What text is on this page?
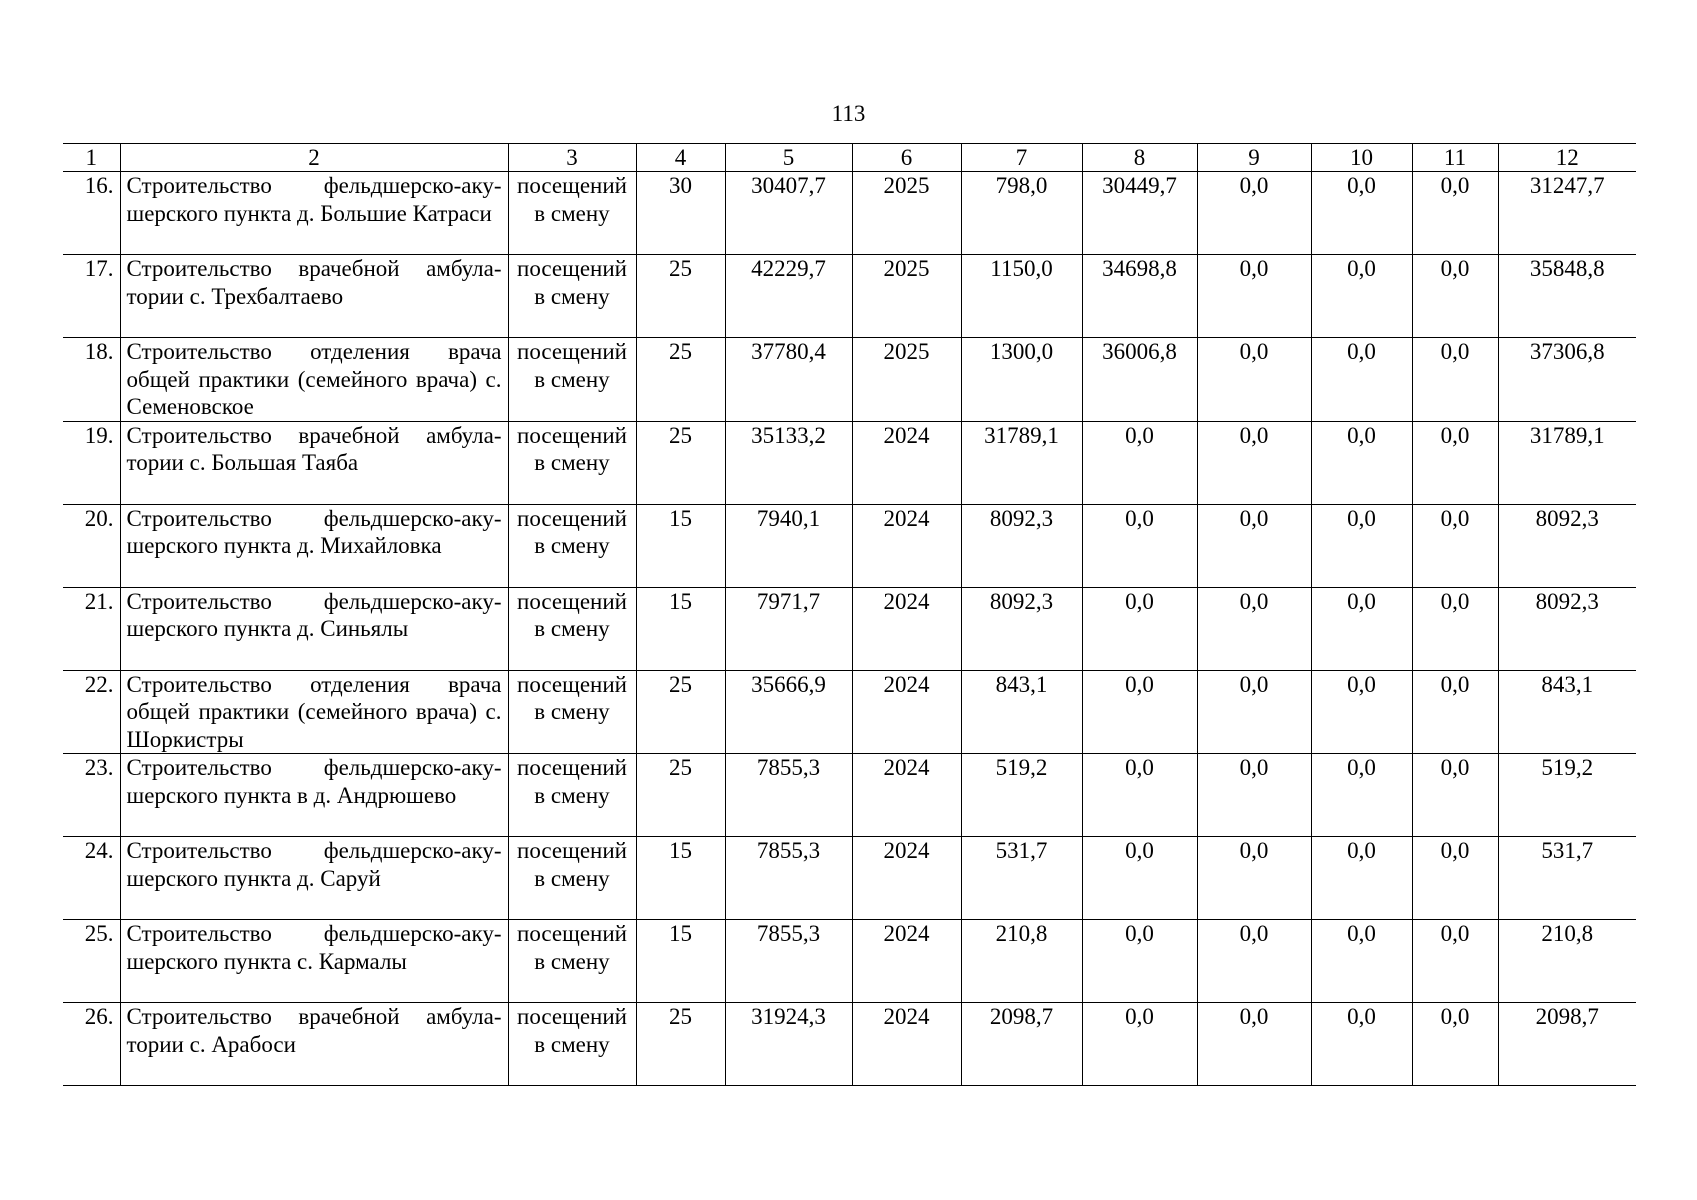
113
1	2	3	4	5	6	7	8	9	10	11	12
16.	Строительство фельдшерско-акушерского пункта д. Большие Катраси	посещений в смену	30	30407,7	2025	798,0	30449,7	0,0	0,0	0,0	31247,7
17.	Строительство врачебной амбулатории с. Трехбалтаево	посещений в смену	25	42229,7	2025	1150,0	34698,8	0,0	0,0	0,0	35848,8
18.	Строительство отделения врача общей практики (семейного врача) с. Семеновское	посещений в смену	25	37780,4	2025	1300,0	36006,8	0,0	0,0	0,0	37306,8
19.	Строительство врачебной амбулатории с. Большая Таяба	посещений в смену	25	35133,2	2024	31789,1	0,0	0,0	0,0	0,0	31789,1
20.	Строительство фельдшерско-акушерского пункта д. Михайловка	посещений в смену	15	7940,1	2024	8092,3	0,0	0,0	0,0	0,0	8092,3
21.	Строительство фельдшерско-акушерского пункта д. Синьялы	посещений в смену	15	7971,7	2024	8092,3	0,0	0,0	0,0	0,0	8092,3
22.	Строительство отделения врача общей практики (семейного врача) с. Шоркистры	посещений в смену	25	35666,9	2024	843,1	0,0	0,0	0,0	0,0	843,1
23.	Строительство фельдшерско-акушерского пункта в д. Андрюшево	посещений в смену	25	7855,3	2024	519,2	0,0	0,0	0,0	0,0	519,2
24.	Строительство фельдшерско-акушерского пункта д. Саруй	посещений в смену	15	7855,3	2024	531,7	0,0	0,0	0,0	0,0	531,7
25.	Строительство фельдшерско-акушерского пункта с. Кармалы	посещений в смену	15	7855,3	2024	210,8	0,0	0,0	0,0	0,0	210,8
26.	Строительство врачебной амбулатории с. Арабоси	посещений в смену	25	31924,3	2024	2098,7	0,0	0,0	0,0	0,0	2098,7
